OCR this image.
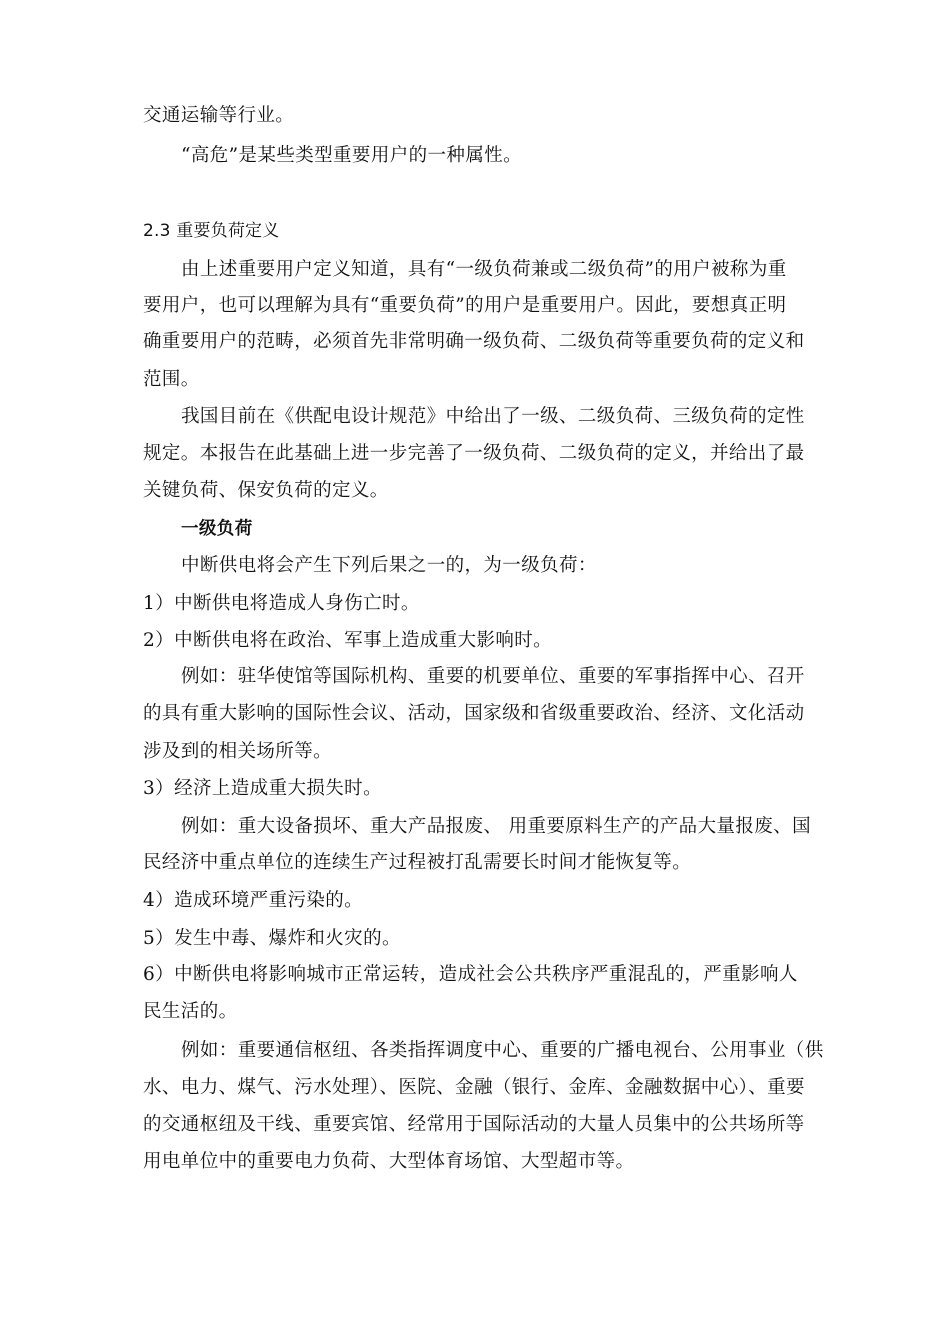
交通运输等行业。
“高危”是某些类型重要用户的一种属性。
2.3 重要负荷定义
由上述重要用户定义知道，具有“一级负荷兼或二级负荷”的用户被称为重
要用户，也可以理解为具有“重要负荷”的用户是重要用户。因此，要想真正明
确重要用户的范畴，必须首先非常明确一级负荷、二级负荷等重要负荷的定义和
范围。
我国目前在《供配电设计规范》中给出了一级、二级负荷、三级负荷的定性
规定。本报告在此基础上进一步完善了一级负荷、二级负荷的定义，并给出了最
关键负荷、保安负荷的定义。
一级负荷
中断供电将会产生下列后果之一的，为一级负荷：
1）中断供电将造成人身伤亡时。
2）中断供电将在政治、军事上造成重大影响时。
例如：驻华使馆等国际机构、重要的机要单位、重要的军事指挥中心、召开
的具有重大影响的国际性会议、活动，国家级和省级重要政治、经济、文化活动
涉及到的相关场所等。
3）经济上造成重大损失时。
例如：重大设备损坏、重大产品报废、 用重要原料生产的产品大量报废、国
民经济中重点单位的连续生产过程被打乱需要长时间才能恢复等。
4）造成环境严重污染的。
5）发生中毒、爆炸和火灾的。
6）中断供电将影响城市正常运转，造成社会公共秩序严重混乱的，严重影响人
民生活的。
例如：重要通信枢纽、各类指挥调度中心、重要的广播电视台、公用事业（供
水、电力、煤气、污水处理）、医院、金融（银行、金库、金融数据中心）、重要
的交通枢纽及干线、重要宾馆、经常用于国际活动的大量人员集中的公共场所等
用电单位中的重要电力负荷、大型体育场馆、大型超市等。
